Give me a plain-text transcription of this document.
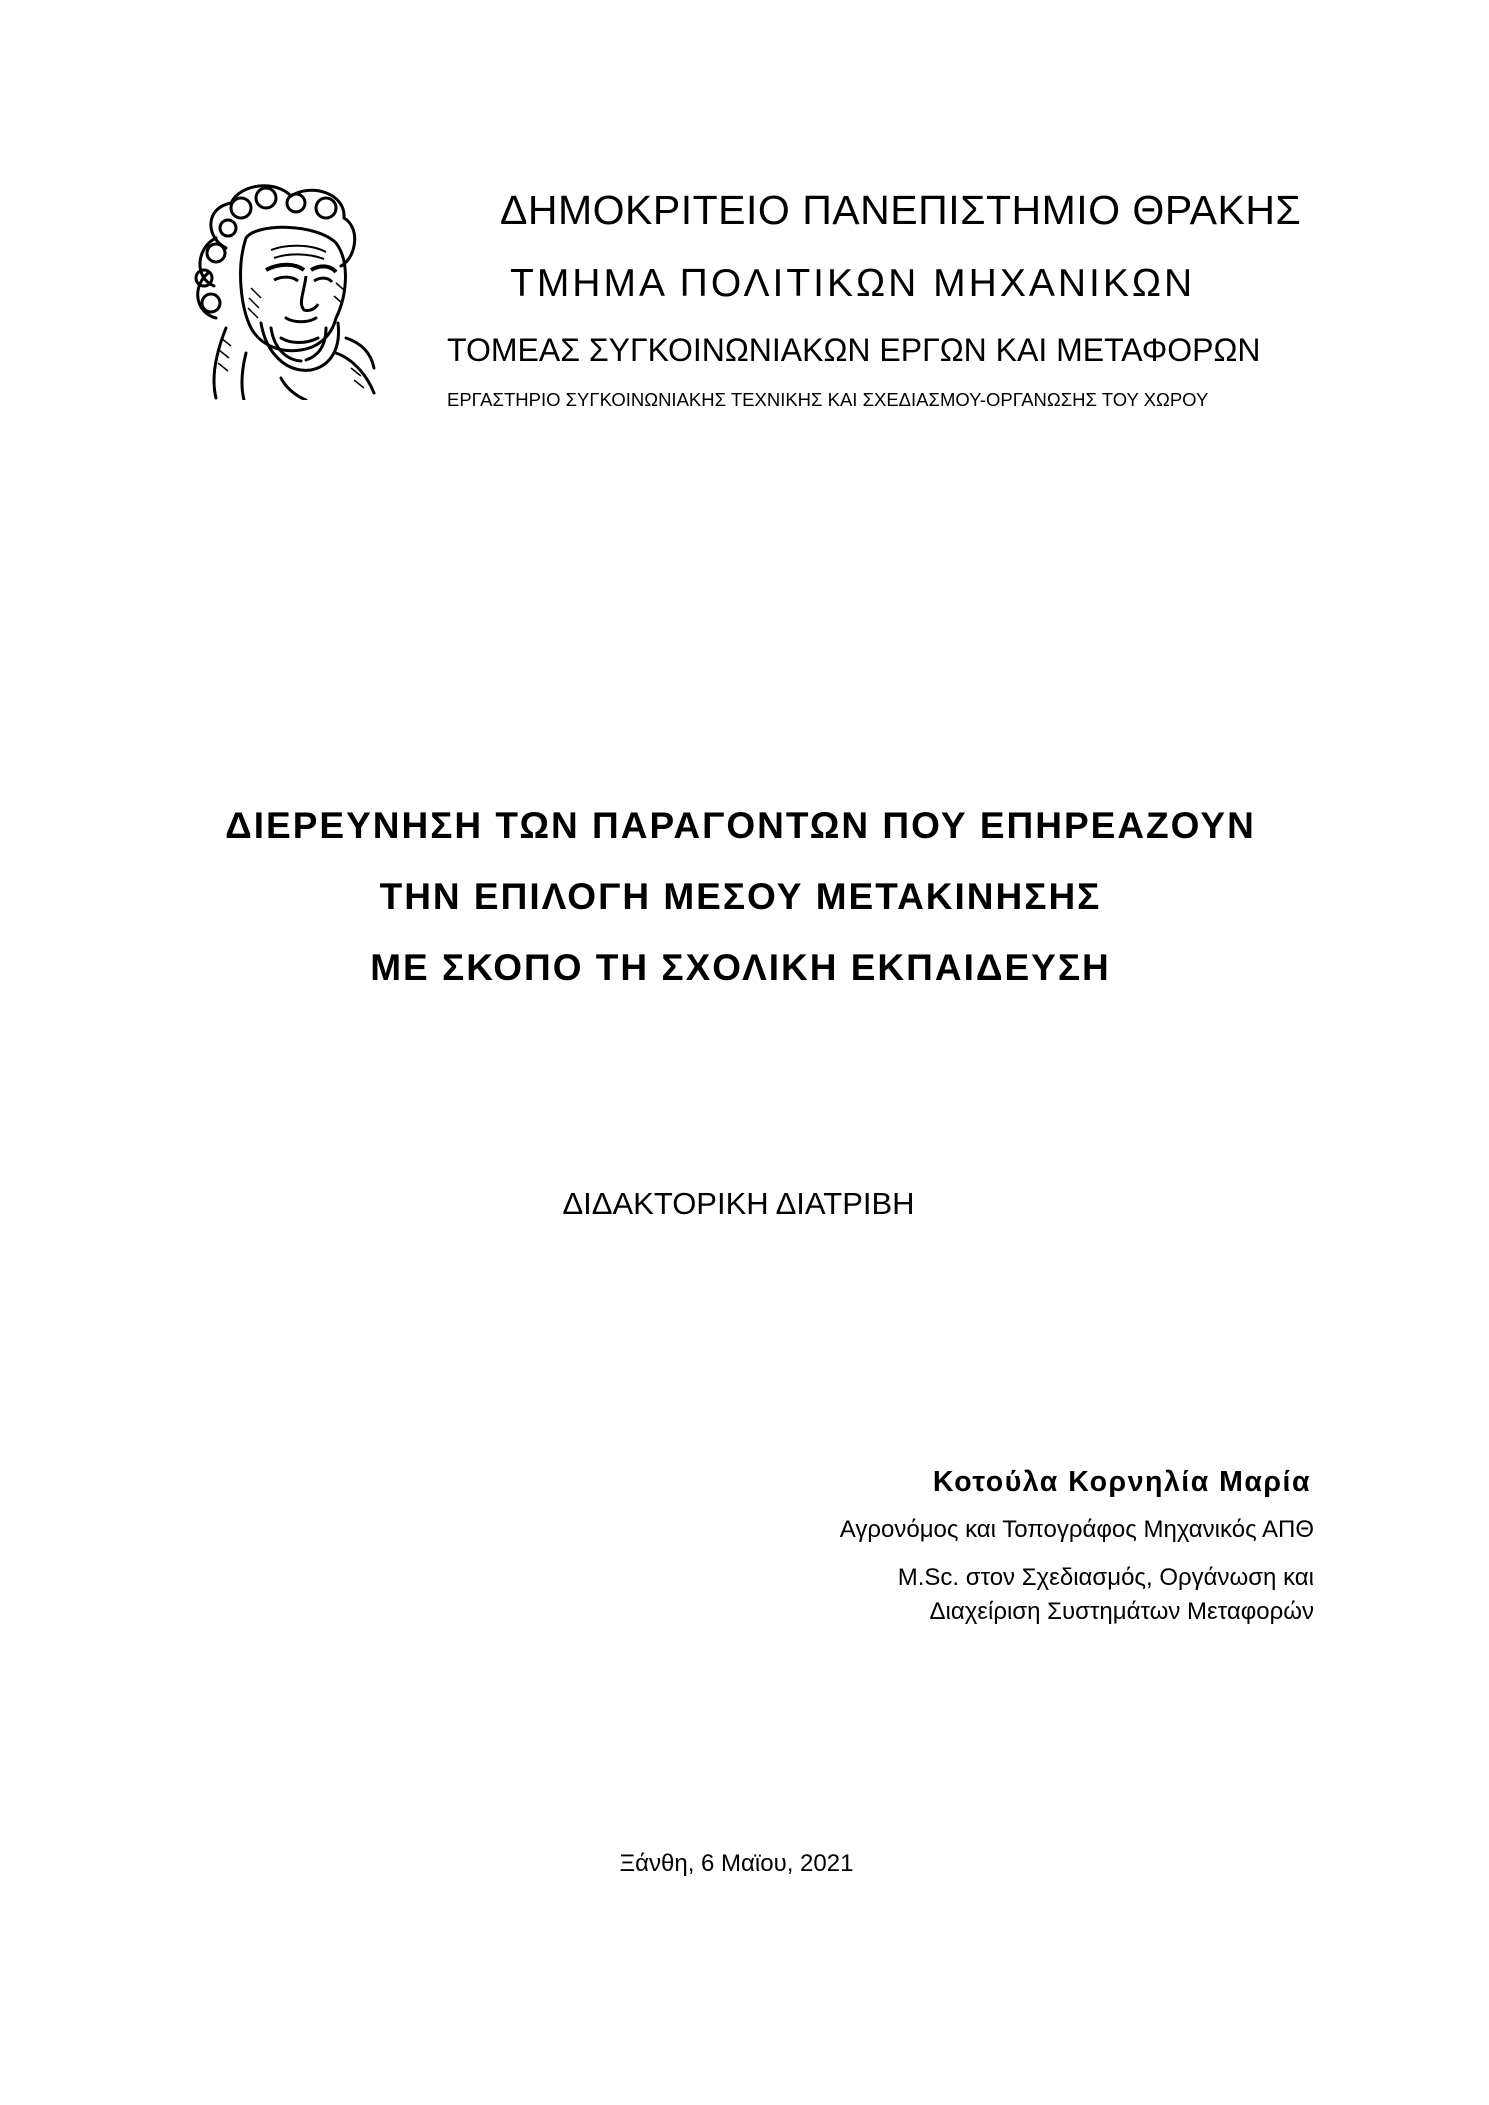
ΔΗΜΟΚΡΙΤΕΙΟ ΠΑΝΕΠΙΣΤΗΜΙΟ ΘΡΑΚΗΣ
ΤΜΗΜΑ ΠΟΛΙΤΙΚΩΝ ΜΗΧΑΝΙΚΩΝ
ΤΟΜΕΑΣ ΣΥΓΚΟΙΝΩΝΙΑΚΩΝ ΕΡΓΩΝ ΚΑΙ ΜΕΤΑΦΟΡΩΝ
ΕΡΓΑΣΤΗΡΙΟ ΣΥΓΚΟΙΝΩΝΙΑΚΗΣ ΤΕΧΝΙΚΗΣ ΚΑΙ ΣΧΕΔΙΑΣΜΟΥ-ΟΡΓΑΝΩΣΗΣ ΤΟΥ ΧΩΡΟΥ
ΔΙΕΡΕΥΝΗΣΗ ΤΩΝ ΠΑΡΑΓΟΝΤΩΝ ΠΟΥ ΕΠΗΡΕΑΖΟΥΝ
ΤΗΝ ΕΠΙΛΟΓΗ ΜΕΣΟΥ ΜΕΤΑΚΙΝΗΣΗΣ
ΜΕ ΣΚΟΠΟ ΤΗ ΣΧΟΛΙΚΗ ΕΚΠΑΙΔΕΥΣΗ
ΔΙΔΑΚΤΟΡΙΚΗ ΔΙΑΤΡΙΒΗ
Κοτούλα Κορνηλία Μαρία
Αγρονόμος και Τοπογράφος Μηχανικός ΑΠΘ
M.Sc. στον Σχεδιασμός, Οργάνωση και
Διαχείριση Συστημάτων Μεταφορών
Ξάνθη, 6 Μαϊου, 2021
